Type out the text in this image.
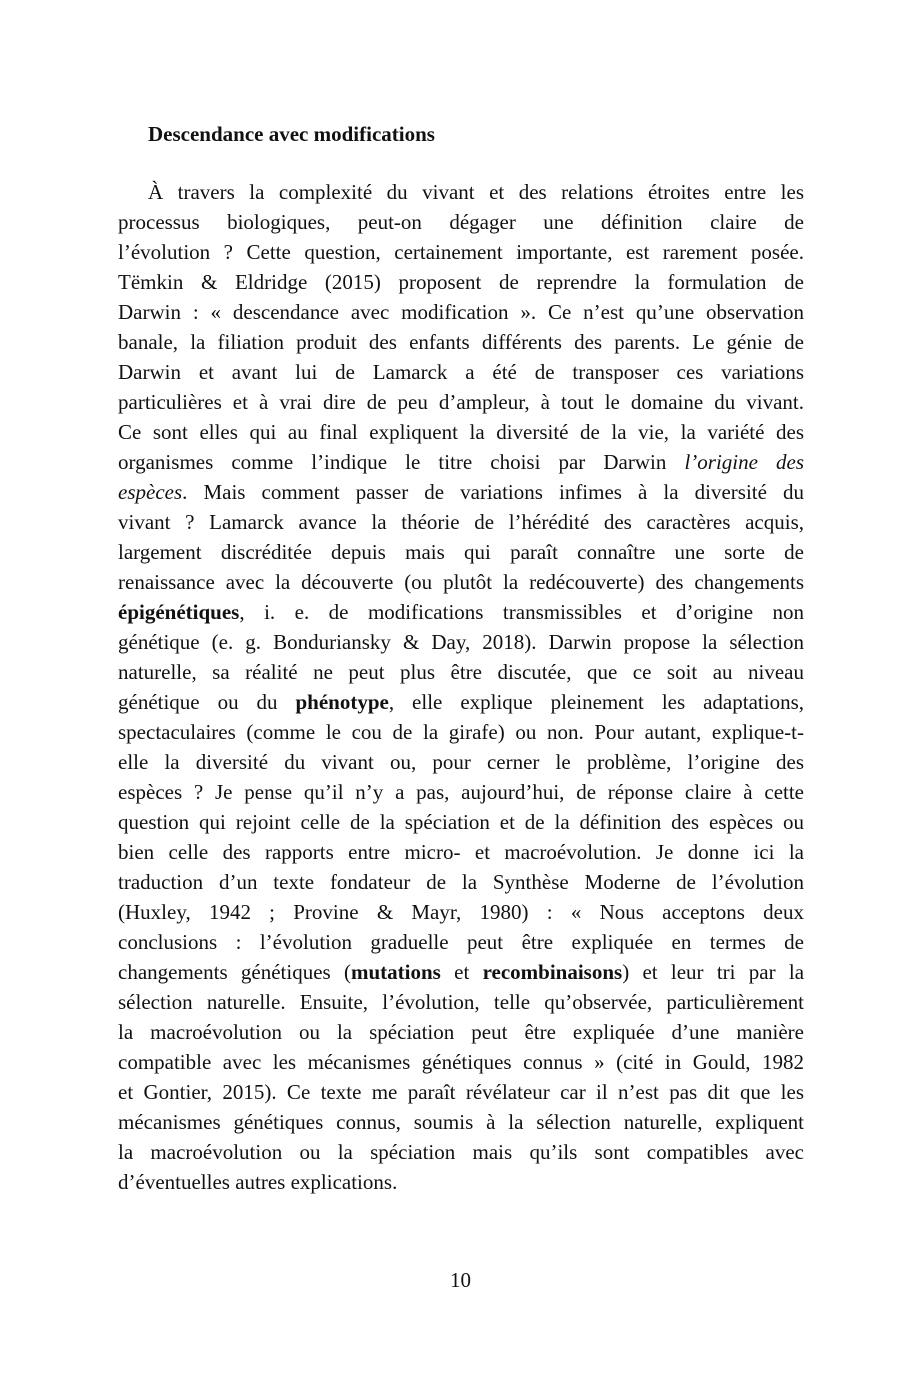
Descendance avec modifications
À travers la complexité du vivant et des relations étroites entre les
processus biologiques, peut-on dégager une définition claire de
l’évolution ? Cette question, certainement importante, est rarement posée.
Tёmkin & Eldridge (2015) proposent de reprendre la formulation de
Darwin : « descendance avec modification ». Ce n’est qu’une observation
banale, la filiation produit des enfants différents des parents. Le génie de
Darwin et avant lui de Lamarck a été de transposer ces variations
particulières et à vrai dire de peu d’ampleur, à tout le domaine du vivant.
Ce sont elles qui au final expliquent la diversité de la vie, la variété des
organismes comme l’indique le titre choisi par Darwin l’origine des
espèces. Mais comment passer de variations infimes à la diversité du
vivant ? Lamarck avance la théorie de l’hérédité des caractères acquis,
largement discréditée depuis mais qui paraît connaître une sorte de
renaissance avec la découverte (ou plutôt la redécouverte) des changements
épigénétiques, i. e. de modifications transmissibles et d’origine non
génétique (e. g. Bonduriansky & Day, 2018). Darwin propose la sélection
naturelle, sa réalité ne peut plus être discutée, que ce soit au niveau
génétique ou du phénotype, elle explique pleinement les adaptations,
spectaculaires (comme le cou de la girafe) ou non. Pour autant, explique-t-
elle la diversité du vivant ou, pour cerner le problème, l’origine des
espèces ? Je pense qu’il n’y a pas, aujourd’hui, de réponse claire à cette
question qui rejoint celle de la spéciation et de la définition des espèces ou
bien celle des rapports entre micro- et macroévolution. Je donne ici la
traduction d’un texte fondateur de la Synthèse Moderne de l’évolution
(Huxley, 1942 ; Provine & Mayr, 1980) : « Nous acceptons deux
conclusions : l’évolution graduelle peut être expliquée en termes de
changements génétiques (mutations et recombinaisons) et leur tri par la
sélection naturelle. Ensuite, l’évolution, telle qu’observée, particulièrement
la macroévolution ou la spéciation peut être expliquée d’une manière
compatible avec les mécanismes génétiques connus » (cité in Gould, 1982
et Gontier, 2015). Ce texte me paraît révélateur car il n’est pas dit que les
mécanismes génétiques connus, soumis à la sélection naturelle, expliquent
la macroévolution ou la spéciation mais qu’ils sont compatibles avec
d’éventuelles autres explications.
10
